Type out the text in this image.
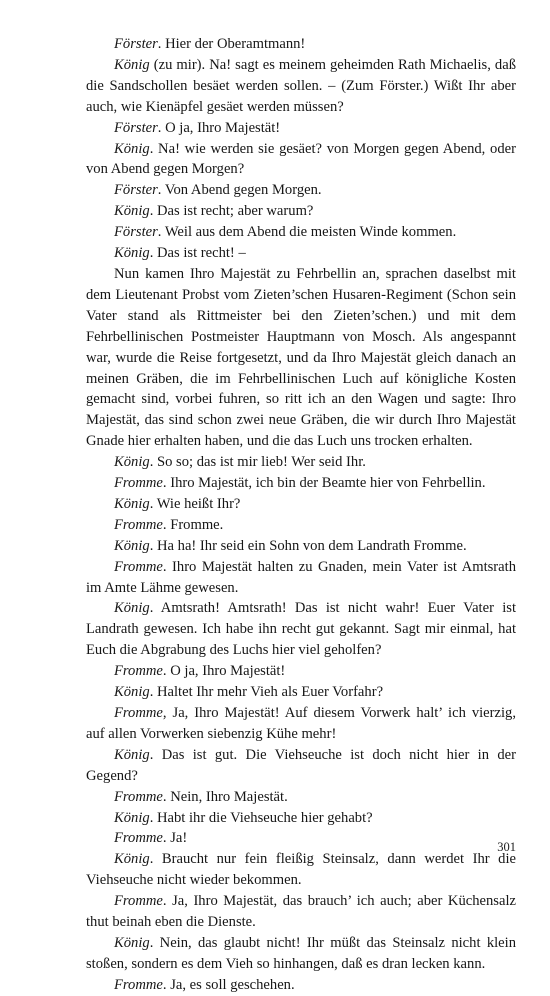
Förster. Hier der Oberamtmann!

König (zu mir). Na! sagt es meinem geheimden Rath Michaelis, daß die Sandschollen besäet werden sollen. – (Zum Förster.) Wißt Ihr aber auch, wie Kienäpfel gesäet werden müssen?

Förster. O ja, Ihro Majestät!

König. Na! wie werden sie gesäet? von Morgen gegen Abend, oder von Abend gegen Morgen?

Förster. Von Abend gegen Morgen.

König. Das ist recht; aber warum?

Förster. Weil aus dem Abend die meisten Winde kommen.

König. Das ist recht! –

Nun kamen Ihro Majestät zu Fehrbellin an, sprachen daselbst mit dem Lieutenant Probst vom Zieten’schen Husaren-Regiment (Schon sein Vater stand als Rittmeister bei den Zieten’schen.) und mit dem Fehrbellinischen Postmeister Hauptmann von Mosch. Als angespannt war, wurde die Reise fortgesetzt, und da Ihro Majestät gleich danach an meinen Gräben, die im Fehrbellinischen Luch auf königliche Kosten gemacht sind, vorbei fuhren, so ritt ich an den Wagen und sagte: Ihro Majestät, das sind schon zwei neue Gräben, die wir durch Ihro Majestät Gnade hier erhalten haben, und die das Luch uns trocken erhalten.

König. So so; das ist mir lieb! Wer seid Ihr.

Fromme. Ihro Majestät, ich bin der Beamte hier von Fehrbellin.

König. Wie heißt Ihr?

Fromme. Fromme.

König. Ha ha! Ihr seid ein Sohn von dem Landrath Fromme.

Fromme. Ihro Majestät halten zu Gnaden, mein Vater ist Amtsrath im Amte Lähme gewesen.

König. Amtsrath! Amtsrath! Das ist nicht wahr! Euer Vater ist Landrath gewesen. Ich habe ihn recht gut gekannt. Sagt mir einmal, hat Euch die Abgrabung des Luchs hier viel geholfen?

Fromme. O ja, Ihro Majestät!

König. Haltet Ihr mehr Vieh als Euer Vorfahr?

Fromme, Ja, Ihro Majestät! Auf diesem Vorwerk halt’ ich vierzig, auf allen Vorwerken siebenzig Kühe mehr!

König. Das ist gut. Die Viehseuche ist doch nicht hier in der Gegend?

Fromme. Nein, Ihro Majestät.

König. Habt ihr die Viehseuche hier gehabt?

Fromme. Ja!

König. Braucht nur fein fleißig Steinsalz, dann werdet Ihr die Viehseuche nicht wieder bekommen.

Fromme. Ja, Ihro Majestät, das brauch’ ich auch; aber Küchensalz thut beinah eben die Dienste.

König. Nein, das glaubt nicht! Ihr müßt das Steinsalz nicht klein stoßen, sondern es dem Vieh so hinhangen, daß es dran lecken kann.

Fromme. Ja, es soll geschehen.

301
